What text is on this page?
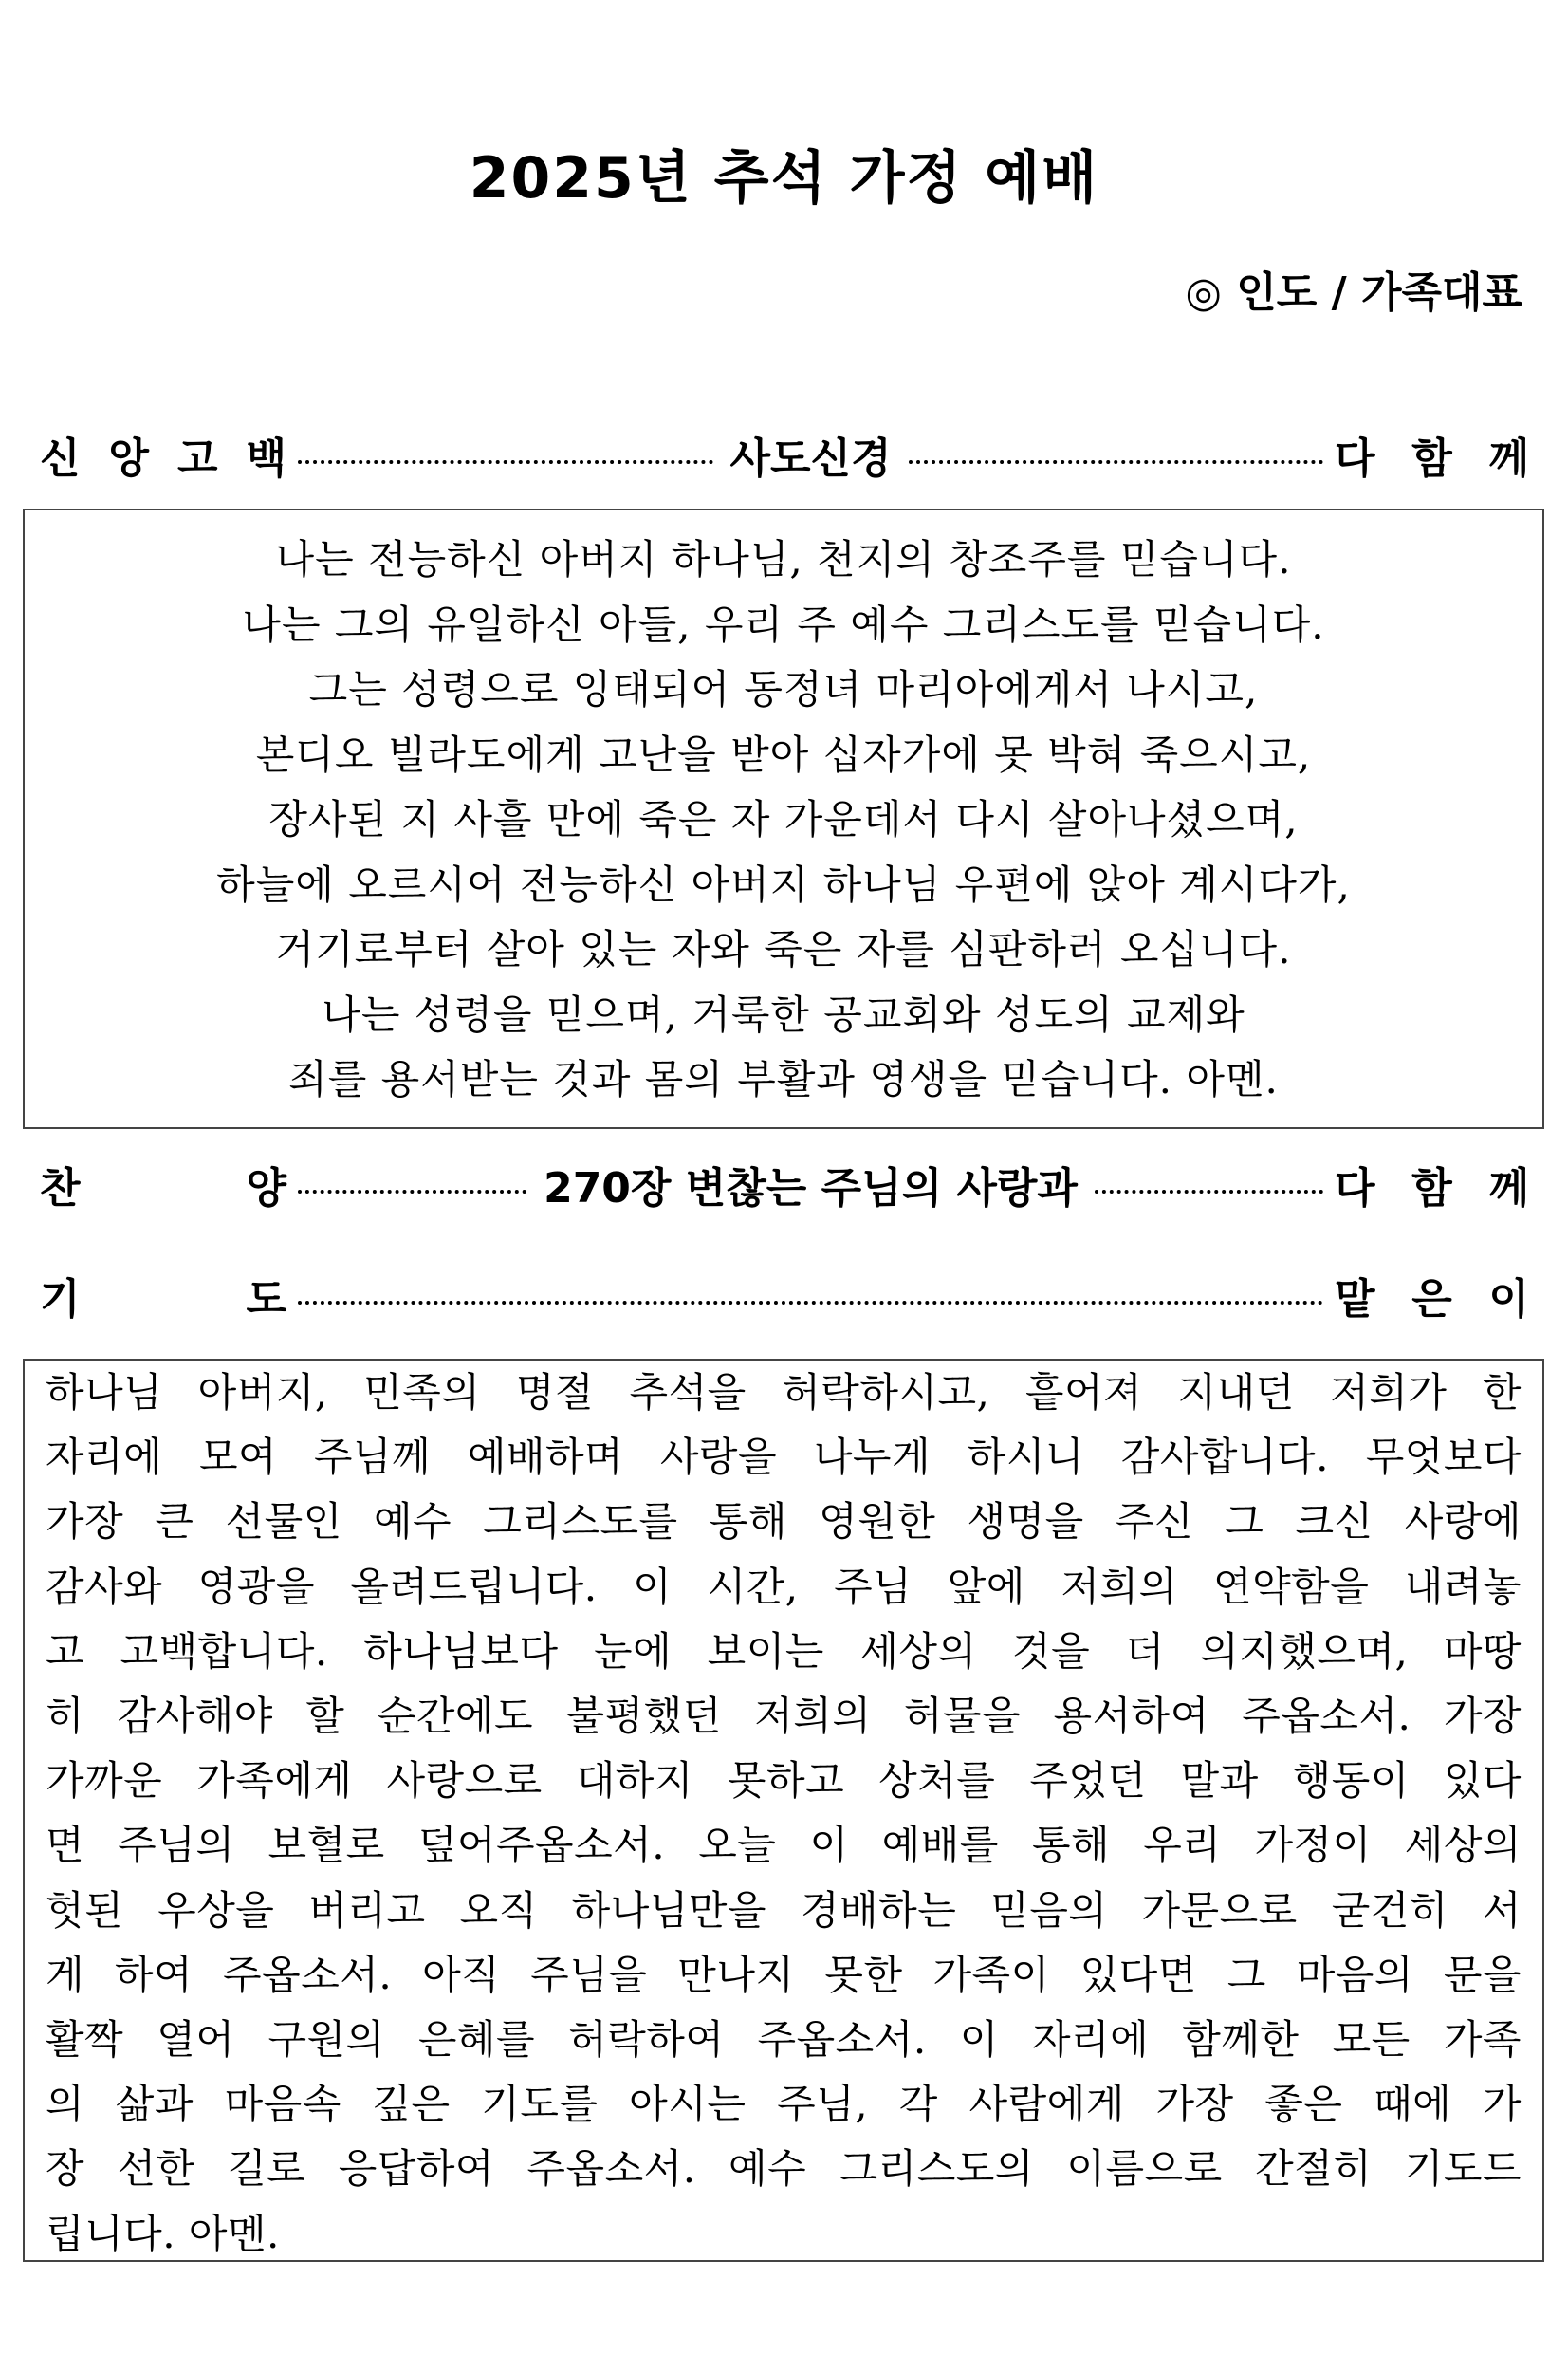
2025년 추석 가정 예배
◎ 인도 / 가족대표
신 앙 고 백	사도신경	다 함 께
나는 전능하신 아버지 하나님, 천지의 창조주를 믿습니다.
나는 그의 유일하신 아들, 우리 주 예수 그리스도를 믿습니다.
그는 성령으로 잉태되어 동정녀 마리아에게서 나시고,
본디오 빌라도에게 고난을 받아 십자가에 못 박혀 죽으시고,
장사된 지 사흘 만에 죽은 자 가운데서 다시 살아나셨으며,
하늘에 오르시어 전능하신 아버지 하나님 우편에 앉아 계시다가,
거기로부터 살아 있는 자와 죽은 자를 심판하러 오십니다.
나는 성령을 믿으며, 거룩한 공교회와 성도의 교제와
죄를 용서받는 것과 몸의 부활과 영생을 믿습니다. 아멘.
찬	양	270장 변찮는 주님의 사랑과	다 함 께
기	도	맡 은 이
하나님 아버지, 민족의 명절 추석을 허락하시고, 흩어져 지내던 저희가 한
자리에 모여 주님께 예배하며 사랑을 나누게 하시니 감사합니다. 무엇보다
가장 큰 선물인 예수 그리스도를 통해 영원한 생명을 주신 그 크신 사랑에
감사와 영광을 올려드립니다. 이 시간, 주님 앞에 저희의 연약함을 내려놓
고 고백합니다. 하나님보다 눈에 보이는 세상의 것을 더 의지했으며, 마땅
히 감사해야 할 순간에도 불평했던 저희의 허물을 용서하여 주옵소서. 가장
가까운 가족에게 사랑으로 대하지 못하고 상처를 주었던 말과 행동이 있다
면 주님의 보혈로 덮어주옵소서. 오늘 이 예배를 통해 우리 가정이 세상의
헛된 우상을 버리고 오직 하나님만을 경배하는 믿음의 가문으로 굳건히 서
게 하여 주옵소서. 아직 주님을 만나지 못한 가족이 있다면 그 마음의 문을
활짝 열어 구원의 은혜를 허락하여 주옵소서. 이 자리에 함께한 모든 가족
의 삶과 마음속 깊은 기도를 아시는 주님, 각 사람에게 가장 좋은 때에 가
장 선한 길로 응답하여 주옵소서. 예수 그리스도의 이름으로 간절히 기도드
립니다. 아멘.
